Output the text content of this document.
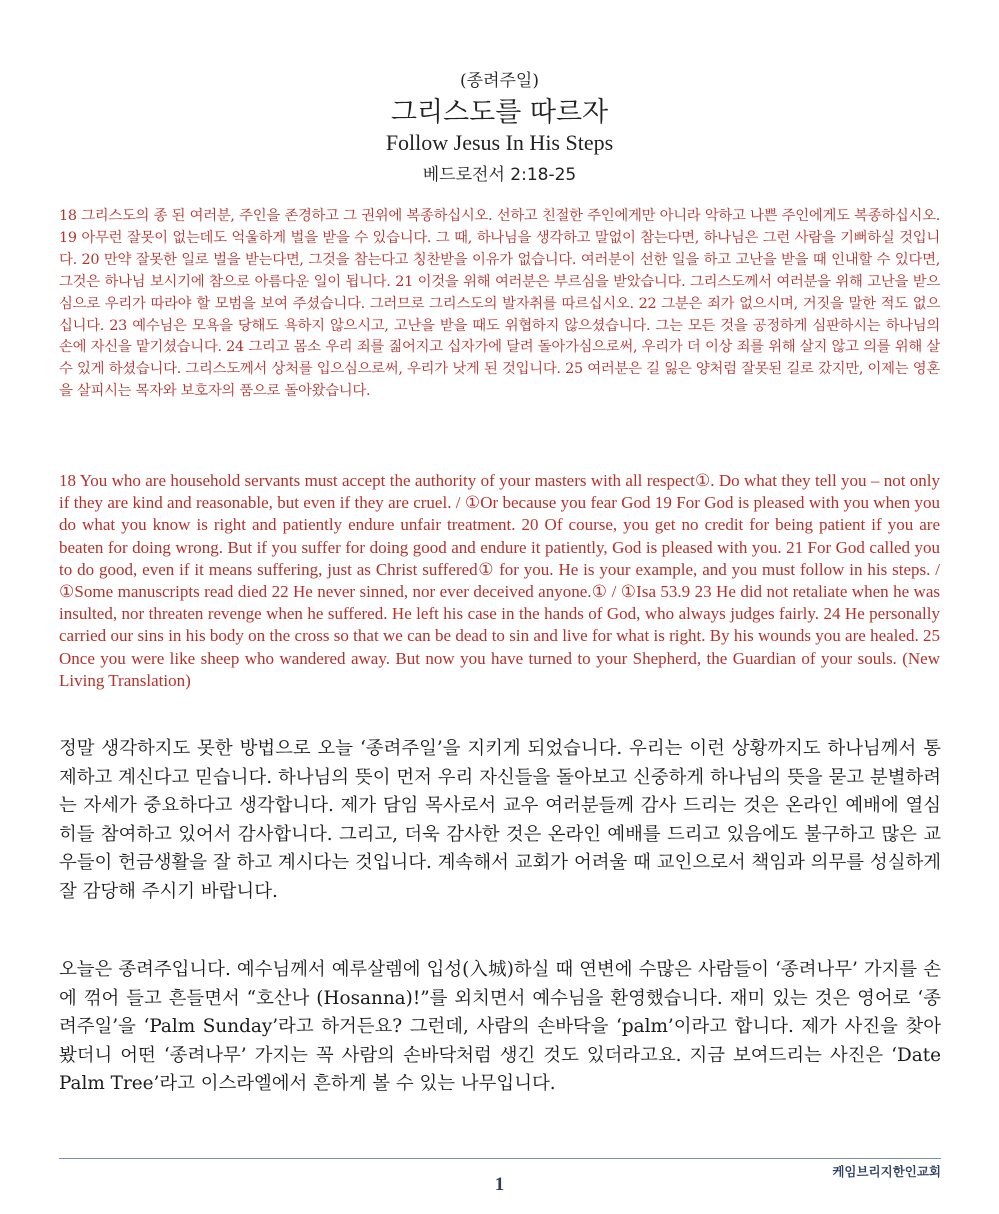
(종려주일)
그리스도를 따르자
Follow Jesus In His Steps
베드로전서 2:18-25
18 그리스도의 종 된 여러분, 주인을 존경하고 그 권위에 복종하십시오. 선하고 친절한 주인에게만 아니라 악하고 나쁜 주인에게도 복종하십시오. 19 아무런 잘못이 없는데도 억울하게 벌을 받을 수 있습니다. 그 때, 하나님을 생각하고 말없이 참는다면, 하나님은 그런 사람을 기뻐하실 것입니다. 20 만약 잘못한 일로 벌을 받는다면, 그것을 참는다고 칭찬받을 이유가 없습니다. 여러분이 선한 일을 하고 고난을 받을 때 인내할 수 있다면, 그것은 하나님 보시기에 참으로 아름다운 일이 됩니다. 21 이것을 위해 여러분은 부르심을 받았습니다. 그리스도께서 여러분을 위해 고난을 받으심으로 우리가 따라야 할 모범을 보여 주셨습니다. 그러므로 그리스도의 발자취를 따르십시오. 22 그분은 죄가 없으시며, 거짓을 말한 적도 없으십니다. 23 예수님은 모욕을 당해도 욕하지 않으시고, 고난을 받을 때도 위협하지 않으셨습니다. 그는 모든 것을 공정하게 심판하시는 하나님의 손에 자신을 맡기셨습니다. 24 그리고 몸소 우리 죄를 짊어지고 십자가에 달려 돌아가심으로써, 우리가 더 이상 죄를 위해 살지 않고 의를 위해 살 수 있게 하셨습니다. 그리스도께서 상처를 입으심으로써, 우리가 낫게 된 것입니다. 25 여러분은 길 잃은 양처럼 잘못된 길로 갔지만, 이제는 영혼을 살피시는 목자와 보호자의 품으로 돌아왔습니다.
18 You who are household servants must accept the authority of your masters with all respect①. Do what they tell you – not only if they are kind and reasonable, but even if they are cruel. / ①Or because you fear God 19 For God is pleased with you when you do what you know is right and patiently endure unfair treatment. 20 Of course, you get no credit for being patient if you are beaten for doing wrong. But if you suffer for doing good and endure it patiently, God is pleased with you. 21 For God called you to do good, even if it means suffering, just as Christ suffered① for you. He is your example, and you must follow in his steps. / ①Some manuscripts read died 22 He never sinned, nor ever deceived anyone.① / ①Isa 53.9 23 He did not retaliate when he was insulted, nor threaten revenge when he suffered. He left his case in the hands of God, who always judges fairly. 24 He personally carried our sins in his body on the cross so that we can be dead to sin and live for what is right. By his wounds you are healed. 25 Once you were like sheep who wandered away. But now you have turned to your Shepherd, the Guardian of your souls. (New Living Translation)
정말 생각하지도 못한 방법으로 오늘 ‘종려주일’을 지키게 되었습니다. 우리는 이런 상황까지도 하나님께서 통제하고 계신다고 믿습니다. 하나님의 뜻이 먼저 우리 자신들을 돌아보고 신중하게 하나님의 뜻을 묻고 분별하려는 자세가 중요하다고 생각합니다. 제가 담임 목사로서 교우 여러분들께 감사 드리는 것은 온라인 예배에 열심히들 참여하고 있어서 감사합니다. 그리고, 더욱 감사한 것은 온라인 예배를 드리고 있음에도 불구하고 많은 교우들이 헌금생활을 잘 하고 계시다는 것입니다. 계속해서 교회가 어려울 때 교인으로서 책임과 의무를 성실하게 잘 감당해 주시기 바랍니다.
오늘은 종려주입니다. 예수님께서 예루살렘에 입성(入城)하실 때 연변에 수많은 사람들이 ‘종려나무’ 가지를 손에 꺾어 들고 흔들면서 “호산나 (Hosanna)!”를 외치면서 예수님을 환영했습니다. 재미 있는 것은 영어로 ‘종려주일’을 ‘Palm Sunday’라고 하거든요? 그런데, 사람의 손바닥을 ‘palm’이라고 합니다. 제가 사진을 찾아 봤더니 어떤 ‘종려나무’ 가지는 꼭 사람의 손바닥처럼 생긴 것도 있더라고요. 지금 보여드리는 사진은 ‘Date Palm Tree’라고 이스라엘에서 흔하게 볼 수 있는 나무입니다.
케임브리지한인교회
1
